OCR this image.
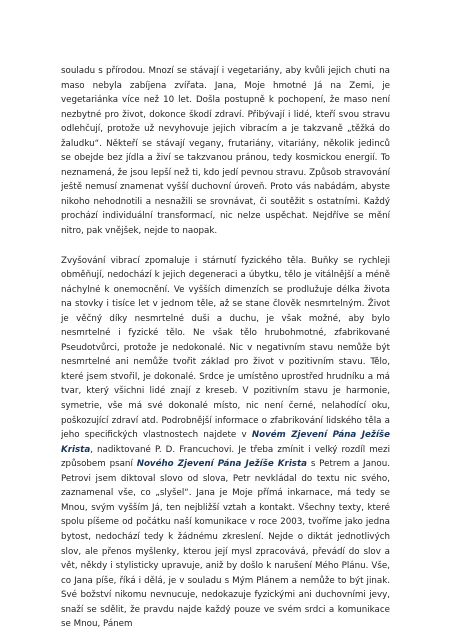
souladu s přírodou. Mnozí se stávají i vegetariány, aby kvůli jejich chuti na maso nebyla zabíjena zvířata. Jana, Moje hmotné Já na Zemi, je vegetariánka více než 10 let. Došla postupně k pochopení, že maso není nezbytné pro život, dokonce škodí zdraví. Přibývají i lidé, kteří svou stravu odlehčují, protože už nevyhovuje jejich vibracím a je takzvaně „těžká do žaludku“. Někteří se stávají vegany, frutariány, vitariány, několik jedinců se obejde bez jídla a živí se takzvanou pránou, tedy kosmickou energií. To neznamená, že jsou lepší než ti, kdo jedí pevnou stravu. Způsob stravování ještě nemusí znamenat vyšší duchovní úroveň. Proto vás nabádám, abyste nikoho nehodnotili a nesnažili se srovnávat, či soutěžit s ostatními. Každý prochází individuální transformací, nic nelze uspěchat. Nejdříve se mění nitro, pak vnějšek, nejde to naopak.

Zvyšování vibrací zpomaluje i stárnutí fyzického těla. Buňky se rychleji obměňují, nedochází k jejich degeneraci a úbytku, tělo je vitálnější a méně náchylné k onemocnění. Ve vyšších dimenzích se prodlužuje délka života na stovky i tisíce let v jednom těle, až se stane člověk nesmrtelným. Život je věčný díky nesmrtelné duši a duchu, je však možné, aby bylo nesmrtelné i fyzické tělo. Ne však tělo hrubohmotné, zfabrikované Pseudotvůrci, protože je nedokonalé. Nic v negativním stavu nemůže být nesmrtelné ani nemůže tvořit základ pro život v pozitivním stavu. Tělo, které jsem stvořil, je dokonalé. Srdce je umístěno uprostřed hrudníku a má tvar, který všichni lidé znají z kreseb. V pozitivním stavu je harmonie, symetrie, vše má své dokonalé místo, nic není černé, nelahodící oku, poškozující zdraví atd. Podrobnější informace o zfabrikování lidského těla a jeho specifických vlastnostech najdete v Novém Zjevení Pána Ježíše Krista, nadiktované P. D. Francuchovi. Je třeba zmínit i velký rozdíl mezi způsobem psaní Nového Zjevení Pána Ježíše Krista s Petrem a Janou. Petrovi jsem diktoval slovo od slova, Petr nevkládal do textu nic svého, zaznamenal vše, co „slyšel“. Jana je Moje přímá inkarnace, má tedy se Mnou, svým vyšším Já, ten nejbližší vztah a kontakt. Všechny texty, které spolu píšeme od počátku naší komunikace v roce 2003, tvoříme jako jedna bytost, nedochází tedy k žádnému zkreslení. Nejde o diktát jednotlivých slov, ale přenos myšlenky, kterou její mysl zpracovává, převádí do slov a vět, někdy i stylisticky upravuje, aniž by došlo k narušení Mého Plánu. Vše, co Jana píše, říká i dělá, je v souladu s Mým Plánem a nemůže to být jinak. Své božství nikomu nevnucuje, nedokazuje fyzickými ani duchovními jevy, snaží se sdělit, že pravdu najde každý pouze ve svém srdci a komunikace se Mnou, Pánem
